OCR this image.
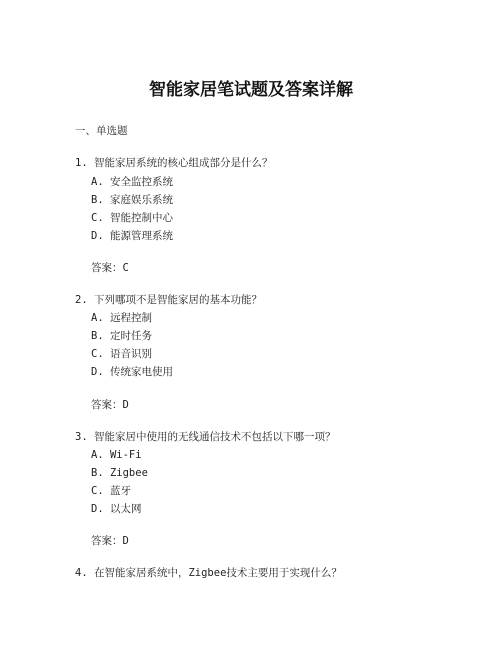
智能家居笔试题及答案详解
一、单选题
1. 智能家居系统的核心组成部分是什么？
A. 安全监控系统
B. 家庭娱乐系统
C. 智能控制中心
D. 能源管理系统
答案：C
2. 下列哪项不是智能家居的基本功能？
A. 远程控制
B. 定时任务
C. 语音识别
D. 传统家电使用
答案：D
3. 智能家居中使用的无线通信技术不包括以下哪一项？
A. Wi-Fi
B. Zigbee
C. 蓝牙
D. 以太网
答案：D
4. 在智能家居系统中，Zigbee技术主要用于实现什么？
